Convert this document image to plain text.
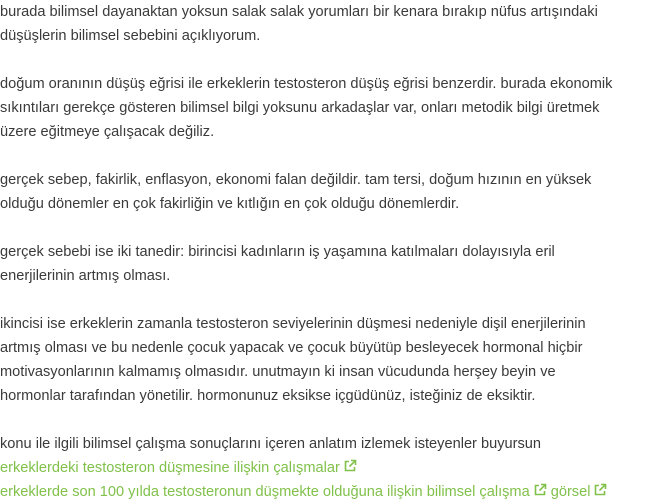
burada bilimsel dayanaktan yoksun salak salak yorumları bir kenara bırakıp nüfus artışındaki
düşüşlerin bilimsel sebebini açıklıyorum.

doğum oranının düşüş eğrisi ile erkeklerin testosteron düşüş eğrisi benzerdir. burada ekonomik
sıkıntıları gerekçe gösteren bilimsel bilgi yoksunu arkadaşlar var, onları metodik bilgi üretmek
üzere eğitmeye çalışacak değiliz.

gerçek sebep, fakirlik, enflasyon, ekonomi falan değildir. tam tersi, doğum hızının en yüksek
olduğu dönemler en çok fakirliğin ve kıtlığın en çok olduğu dönemlerdir.

gerçek sebebi ise iki tanedir: birincisi kadınların iş yaşamına katılmaları dolayısıyla eril
enerjilerinin artmış olması.

ikincisi ise erkeklerin zamanla testosteron seviyelerinin düşmesi nedeniyle dişil enerjilerinin
artmış olması ve bu nedenle çocuk yapacak ve çocuk büyütüp besleyecek hormonal hiçbir
motivasyonlarının kalmamış olmasıdır. unutmayın ki insan vücudunda herşey beyin ve
hormonlar tarafından yönetilir. hormonunuz eksikse içgüdünüz, isteğiniz de eksiktir.

konu ile ilgili bilimsel çalışma sonuçlarını içeren anlatım izlemek isteyenler buyursun
erkeklerdeki testosteron düşmesine ilişkin çalışmalar
erkeklerde son 100 yılda testosteronun düşmekte olduğuna ilişkin bilimsel çalışma görsel
